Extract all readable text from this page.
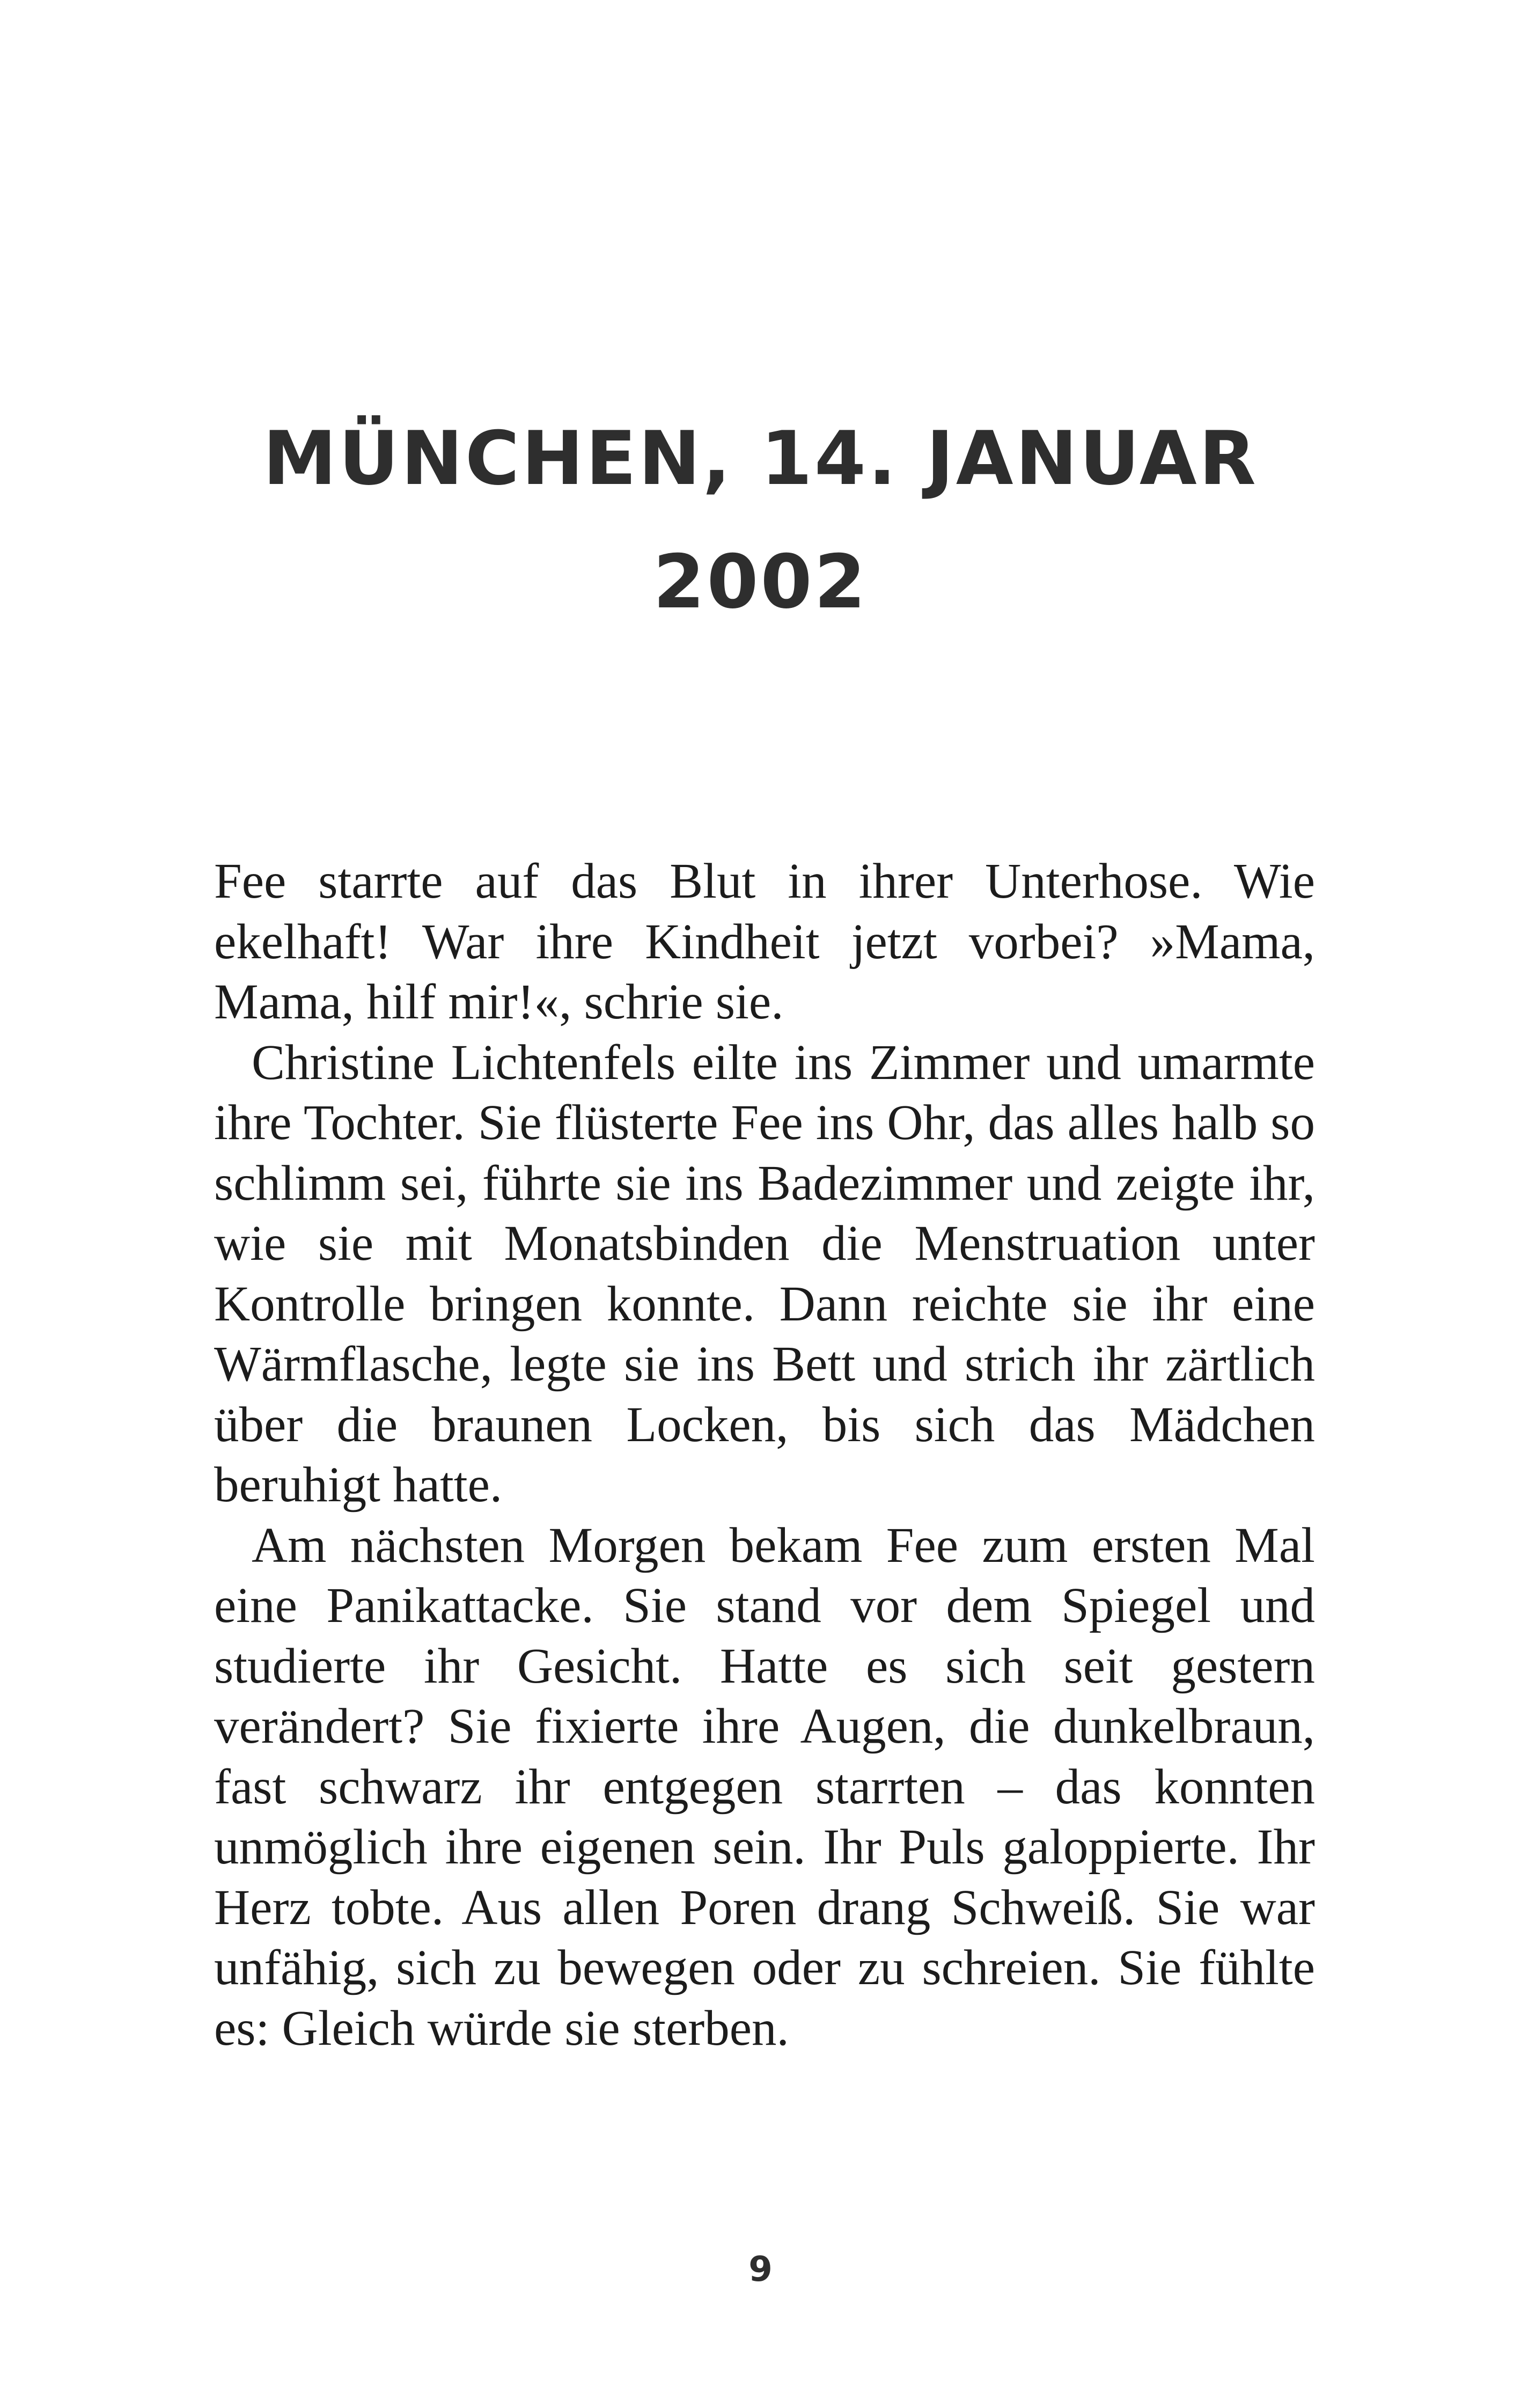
MÜNCHEN, 14. JANUAR
2002

Fee starrte auf das Blut in ihrer Unterhose. Wie ekelhaft! War ihre Kindheit jetzt vorbei? »Mama, Mama, hilf mir!«, schrie sie.

Christine Lichtenfels eilte ins Zimmer und umarmte ihre Tochter. Sie flüsterte Fee ins Ohr, das alles halb so schlimm sei, führte sie ins Badezimmer und zeigte ihr, wie sie mit Monatsbinden die Menstruation unter Kontrolle bringen konnte. Dann reichte sie ihr eine Wärmflasche, legte sie ins Bett und strich ihr zärtlich über die braunen Locken, bis sich das Mädchen beruhigt hatte.

Am nächsten Morgen bekam Fee zum ersten Mal eine Panikattacke. Sie stand vor dem Spiegel und studierte ihr Gesicht. Hatte es sich seit gestern verändert? Sie fixierte ihre Augen, die dunkelbraun, fast schwarz ihr entgegen starrten – das konnten unmöglich ihre eigenen sein. Ihr Puls galoppierte. Ihr Herz tobte. Aus allen Poren drang Schweiß. Sie war unfähig, sich zu bewegen oder zu schreien. Sie fühlte es: Gleich würde sie sterben.

9
